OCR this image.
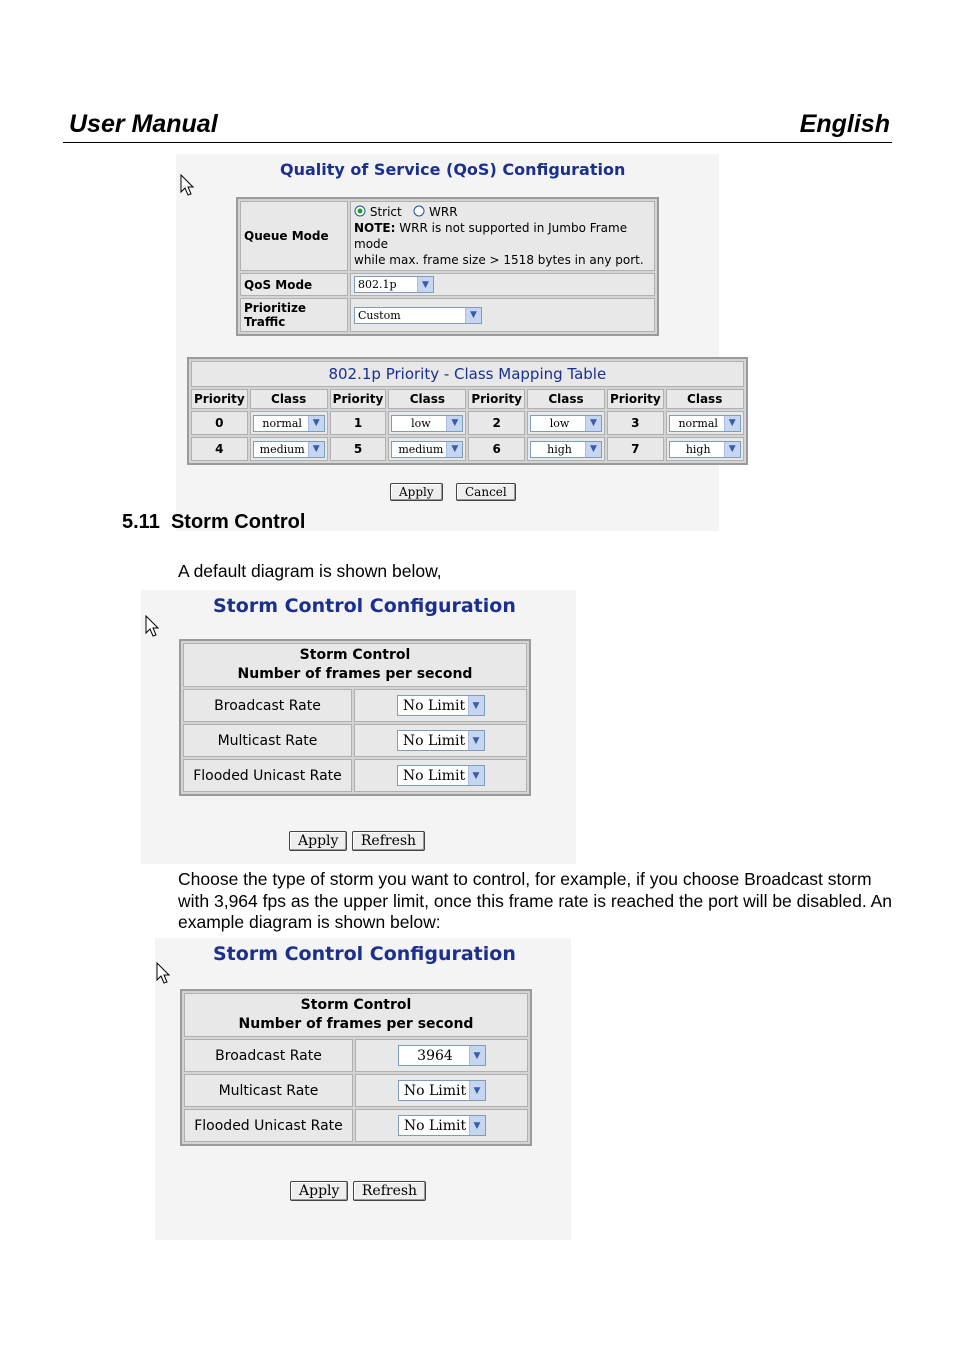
User Manual	English
Quality of Service (QoS) Configuration
Queue Mode	Strict WRR
NOTE: WRR is not supported in Jumbo Frame mode
while max. frame size > 1518 bytes in any port.
QoS Mode	802.1p ▼

Prioritize Traffic	Custom ▼
802.1p Priority - Class Mapping Table							
Priority	Class	Priority	Class	Priority	Class	Priority	Class
0	normal ▼	1	low ▼	2	low ▼	3	normal ▼

4	medium ▼	5	medium ▼	6	high ▼	7	high ▼
Apply	Cancel
5.11 Storm Control
A default diagram is shown below,
Storm Control Configuration
Storm Control
Number of frames per second	
Broadcast Rate	No Limit ▼

Multicast Rate	No Limit ▼

Flooded Unicast Rate	No Limit ▼
Apply Refresh
Choose the type of storm you want to control, for example, if you choose Broadcast storm with 3,964 fps as the upper limit, once this frame rate is reached the port will be disabled. An example diagram is shown below:
Storm Control Configuration
Storm Control
Number of frames per second	
Broadcast Rate	3964 ▼

Multicast Rate	No Limit ▼

Flooded Unicast Rate	No Limit ▼
Apply Refresh
